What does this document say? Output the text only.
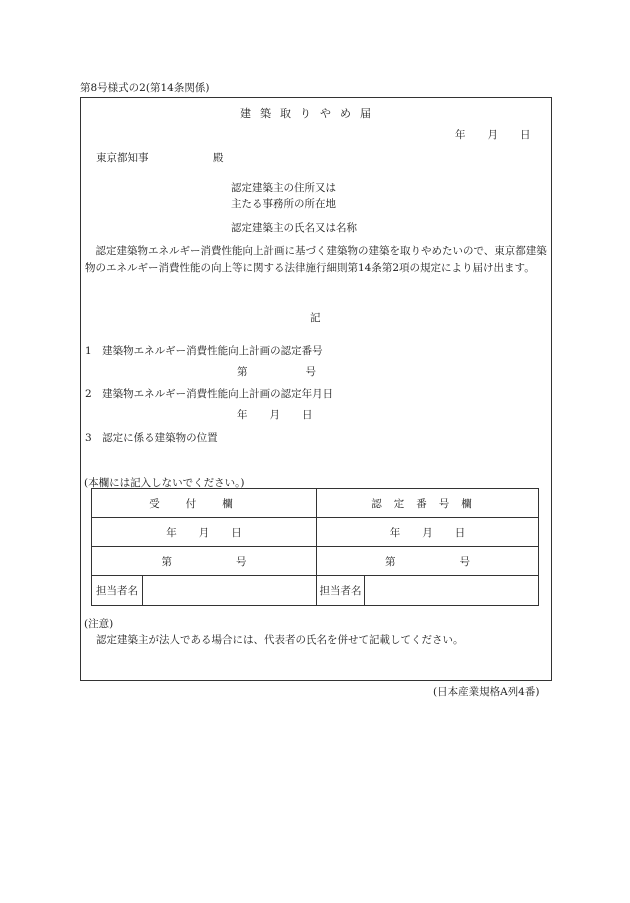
第8号様式の2(第14条関係)
建築取りやめ届
年 月 日
東京都知事	殿
認定建築主の住所又は
主たる事務所の所在地
認定建築主の氏名又は名称
認定建築物エネルギー消費性能向上計画に基づく建築物の建築を取りやめたいので、東京都建築物のエネルギー消費性能の向上等に関する法律施行細則第14条第2項の規定により届け出ます。
記
1　建築物エネルギー消費性能向上計画の認定番号
第	号
2　建築物エネルギー消費性能向上計画の認定年月日
年 月 日
3　認定に係る建築物の位置
(本欄には記入しないでください。)
受付欄		認定番号欄	
年 月 日		年 月 日	
第 号		第 号	
担当者名		担当者名	
(注意)
認定建築主が法人である場合には、代表者の氏名を併せて記載してください。
(日本産業規格A列4番)
